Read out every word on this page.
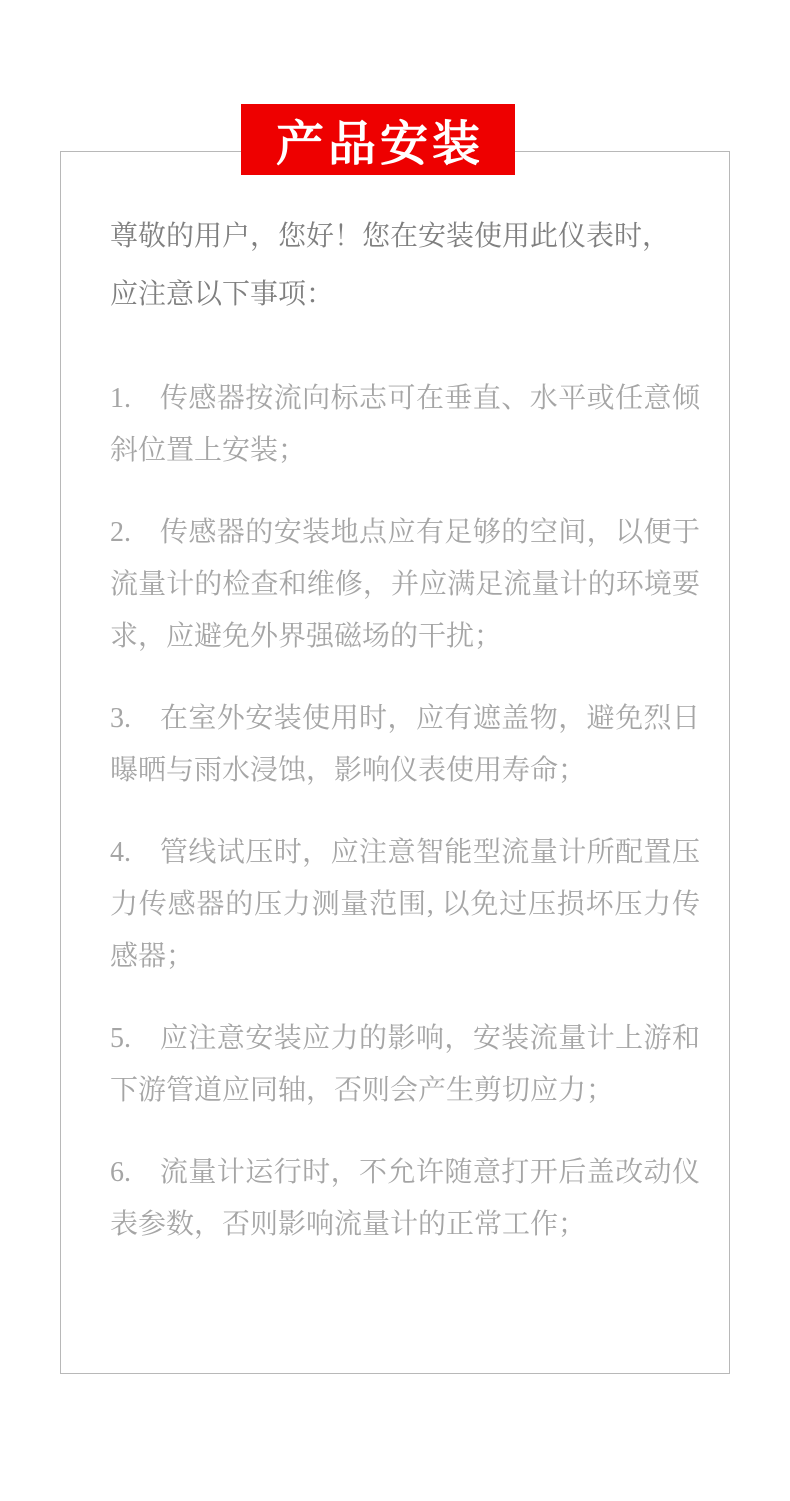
产品安装

尊敬的用户，您好！您在安装使用此仪表时，应注意以下事项：

1.　传感器按流向标志可在垂直、水平或任意倾斜位置上安装；

2.　传感器的安装地点应有足够的空间，以便于流量计的检查和维修，并应满足流量计的环境要求，应避免外界强磁场的干扰；

3.　在室外安装使用时，应有遮盖物，避免烈日曝晒与雨水浸蚀，影响仪表使用寿命；

4.　管线试压时，应注意智能型流量计所配置压力传感器的压力测量范围, 以免过压损坏压力传感器；

5.　应注意安装应力的影响，安装流量计上游和下游管道应同轴，否则会产生剪切应力；

6.　流量计运行时，不允许随意打开后盖改动仪表参数，否则影响流量计的正常工作；
